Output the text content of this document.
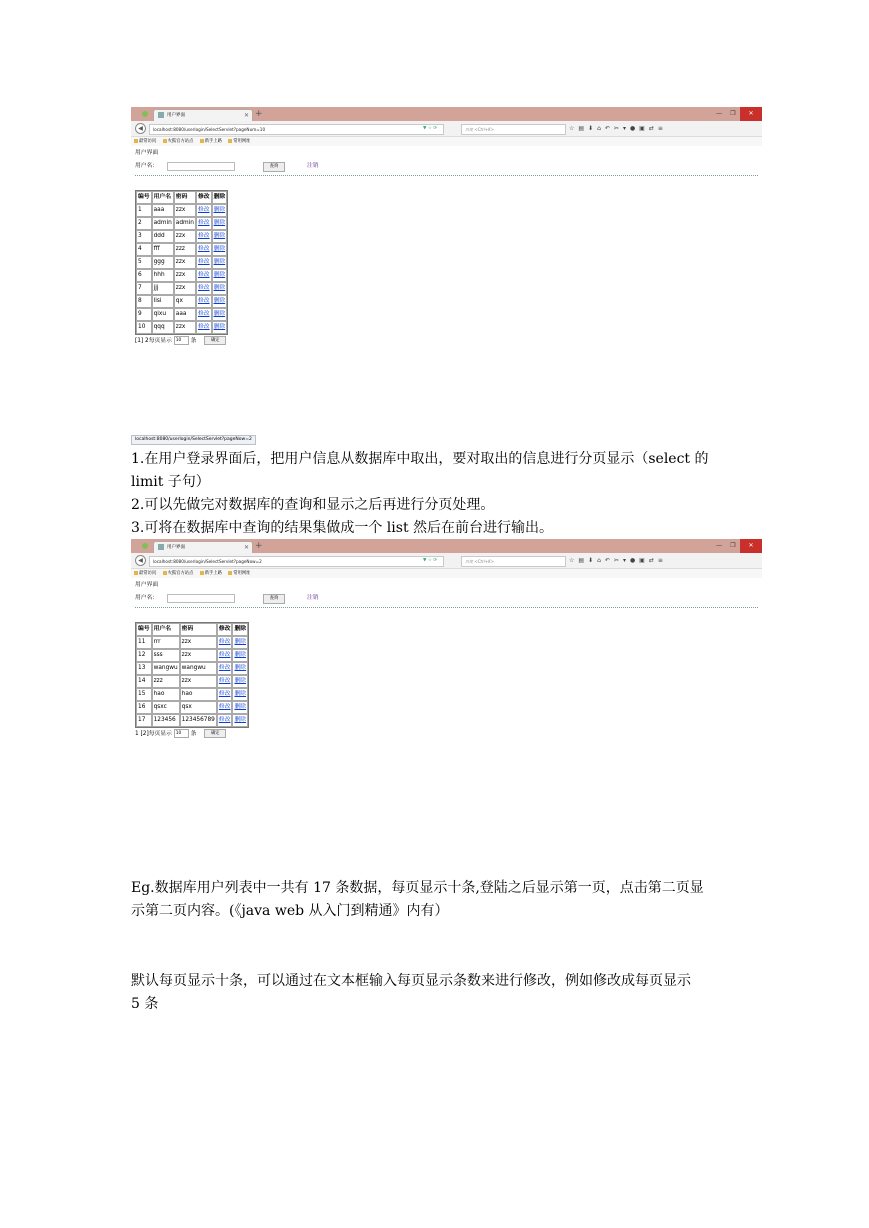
用户界面	✕ +	—	❐	✕
◀	localhost:8080/userlogin/SelectServlet?pageNum=10	▼ ☆ ⟳	百度 <Ctrl+K>	☆▤⬇⌂↶✂▾●▣⇄≡
最常访问	火狐官方站点	新手上路	常用网址
用户界面
用户名：	查询	注销
编号	用户名	密码	修改	删除
1	aaa	zzx	修改	删除
2	admin	admin	修改	删除
3	ddd	zzx	修改	删除
4	fff	zzz	修改	删除
5	ggg	zzx	修改	删除
6	hhh	zzx	修改	删除
7	jjj	zzx	修改	删除
8	lisi	qx	修改	删除
9	qixu	aaa	修改	删除
10	qqq	zzx	修改	删除
[1] 2每页显示 10 条	确定
localhost:8080/userlogin/SelectServlet?pageNow=2

1.在用户登录界面后，把用户信息从数据库中取出，要对取出的信息进行分页显示（select 的

limit 子句）

2.可以先做完对数据库的查询和显示之后再进行分页处理。

3.可将在数据库中查询的结果集做成一个 list 然后在前台进行输出。

用户界面	✕ +	—	❐	✕
◀	localhost:8080/userlogin/SelectServlet?pageNow=2	▼ ☆ ⟳	百度 <Ctrl+K>	☆▤⬇⌂↶✂▾●▣⇄≡
最常访问	火狐官方站点	新手上路	常用网址
用户界面
用户名：	查询	注销
编号	用户名	密码	修改	删除
11	rrr	zzx	修改	删除
12	sss	zzx	修改	删除
13	wangwu	wangwu	修改	删除
14	zzz	zzx	修改	删除
15	hao	hao	修改	删除
16	qsxc	qsx	修改	删除
17	123456	123456789	修改	删除
1 [2]每页显示 10 条	确定

Eg.数据库用户列表中一共有 17 条数据，每页显示十条,登陆之后显示第一页，点击第二页显

示第二页内容。(《java web 从入门到精通》内有）

默认每页显示十条，可以通过在文本框输入每页显示条数来进行修改，例如修改成每页显示

5 条
